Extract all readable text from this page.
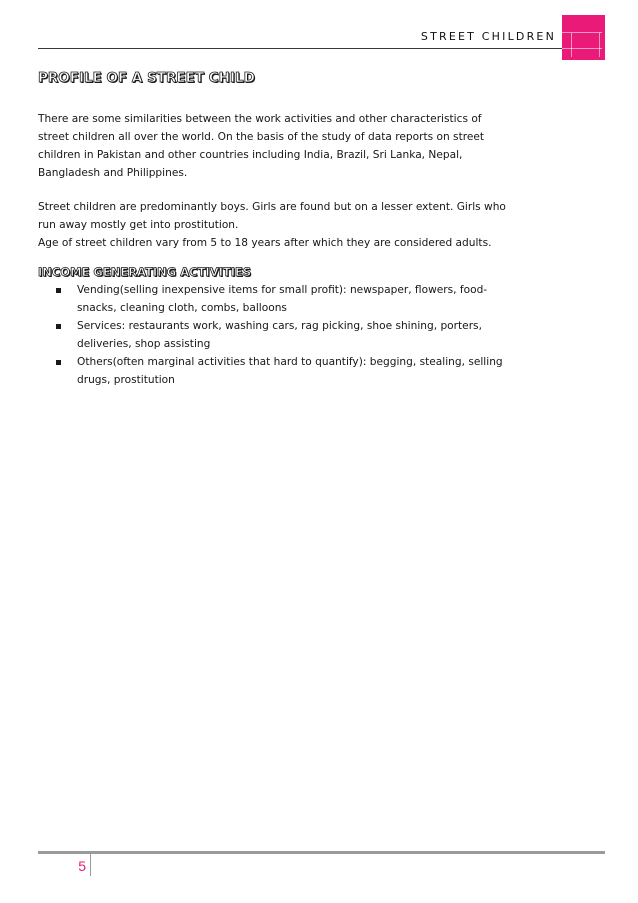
STREET CHILDREN
PROFILE OF A STREET CHILD
There are some similarities between the work activities and other characteristics of
street children all over the world. On the basis of the study of data reports on street
children in Pakistan and other countries including India, Brazil, Sri Lanka, Nepal,
Bangladesh and Philippines.
Street children are predominantly boys. Girls are found but on a lesser extent. Girls who
run away mostly get into prostitution.
Age of street children vary from 5 to 18 years after which they are considered adults.
INCOME GENERATING ACTIVITIES
Vending(selling inexpensive items for small profit): newspaper, flowers, food-
snacks, cleaning cloth, combs, balloons
Services: restaurants work, washing cars, rag picking, shoe shining, porters,
deliveries, shop assisting
Others(often marginal activities that hard to quantify): begging, stealing, selling
drugs, prostitution
5
